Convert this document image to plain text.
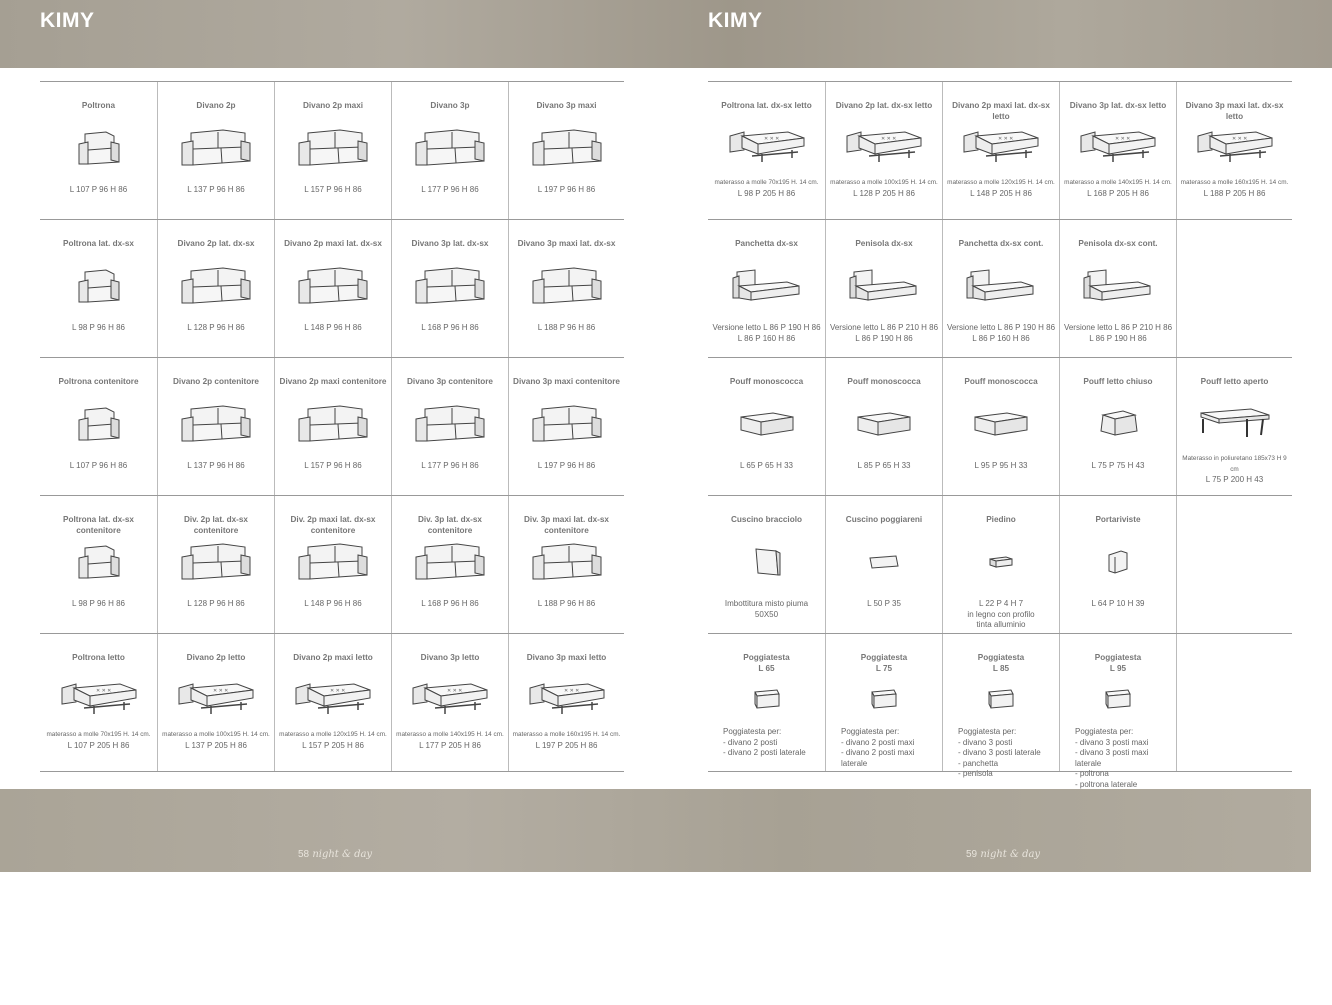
KIMY	KIMY
Poltrona
L 107 P 96 H 86
Divano 2p
L 137 P 96 H 86
Divano 2p maxi
L 157 P 96 H 86
Divano 3p
L 177 P 96 H 86
Divano 3p maxi
L 197 P 96 H 86
Poltrona lat. dx-sx
L 98 P 96 H 86
Divano 2p lat. dx-sx
L 128 P 96 H 86
Divano 2p maxi lat. dx-sx
L 148 P 96 H 86
Divano 3p lat. dx-sx
L 168 P 96 H 86
Divano 3p maxi lat. dx-sx
L 188 P 96 H 86
Poltrona contenitore
L 107 P 96 H 86
Divano 2p contenitore
L 137 P 96 H 86
Divano 2p maxi contenitore
L 157 P 96 H 86
Divano 3p contenitore
L 177 P 96 H 86
Divano 3p maxi contenitore
L 197 P 96 H 86
Poltrona lat. dx-sx
contenitore
L 98 P 96 H 86
Div. 2p lat. dx-sx
contenitore
L 128 P 96 H 86
Div. 2p maxi lat. dx-sx
contenitore
L 148 P 96 H 86
Div. 3p lat. dx-sx
contenitore
L 168 P 96 H 86
Div. 3p maxi lat. dx-sx
contenitore
L 188 P 96 H 86
Poltrona letto
✕ ✕ ✕
materasso a molle 70x195 H. 14 cm.
L 107 P 205 H 86
Divano 2p letto
✕ ✕ ✕
materasso a molle 100x195 H. 14 cm.
L 137 P 205 H 86
Divano 2p maxi letto
✕ ✕ ✕
materasso a molle 120x195 H. 14 cm.
L 157 P 205 H 86
Divano 3p letto
✕ ✕ ✕
materasso a molle 140x195 H. 14 cm.
L 177 P 205 H 86
Divano 3p maxi letto
✕ ✕ ✕
materasso a molle 160x195 H. 14 cm.
L 197 P 205 H 86
Poltrona lat. dx-sx letto
✕ ✕ ✕
materasso a molle 70x195 H. 14 cm.
L 98 P 205 H 86
Divano 2p lat. dx-sx letto
✕ ✕ ✕
materasso a molle 100x195 H. 14 cm.
L 128 P 205 H 86
Divano 2p maxi lat. dx-sx letto
✕ ✕ ✕
materasso a molle 120x195 H. 14 cm.
L 148 P 205 H 86
Divano 3p lat. dx-sx letto
✕ ✕ ✕
materasso a molle 140x195 H. 14 cm.
L 168 P 205 H 86
Divano 3p maxi lat. dx-sx letto
✕ ✕ ✕
materasso a molle 160x195 H. 14 cm.
L 188 P 205 H 86
Panchetta dx-sx
Versione letto L 86 P 190 H 86
L 86 P 160 H 86
Penisola dx-sx
Versione letto L 86 P 210 H 86
L 86 P 190 H 86
Panchetta dx-sx cont.
Versione letto L 86 P 190 H 86
L 86 P 160 H 86
Penisola dx-sx cont.
Versione letto L 86 P 210 H 86
L 86 P 190 H 86
Pouff monoscocca
L 65 P 65 H 33
Pouff monoscocca
L 85 P 65 H 33
Pouff monoscocca
L 95 P 95 H 33
Pouff letto chiuso
L 75 P 75 H 43
Pouff letto aperto
Materasso in poliuretano 185x73 H 9 cm
L 75 P 200 H 43
Cuscino bracciolo
Imbottitura misto piuma
50X50
Cuscino poggiareni
L 50 P 35
Piedino
L 22 P 4 H 7
in legno con profilo
tinta alluminio
Portariviste
L 64 P 10 H 39
Poggiatesta
L 65
Poggiatesta per:
- divano 2 posti
- divano 2 posti laterale
Poggiatesta
L 75
Poggiatesta per:
- divano 2 posti maxi
- divano 2 posti maxi laterale
Poggiatesta
L 85
Poggiatesta per:
- divano 3 posti
- divano 3 posti laterale
- panchetta
- penisola
Poggiatesta
L 95
Poggiatesta per:
- divano 3 posti maxi
- divano 3 posti maxi laterale
- poltrona
- poltrona laterale
58 night & day	59 night & day
